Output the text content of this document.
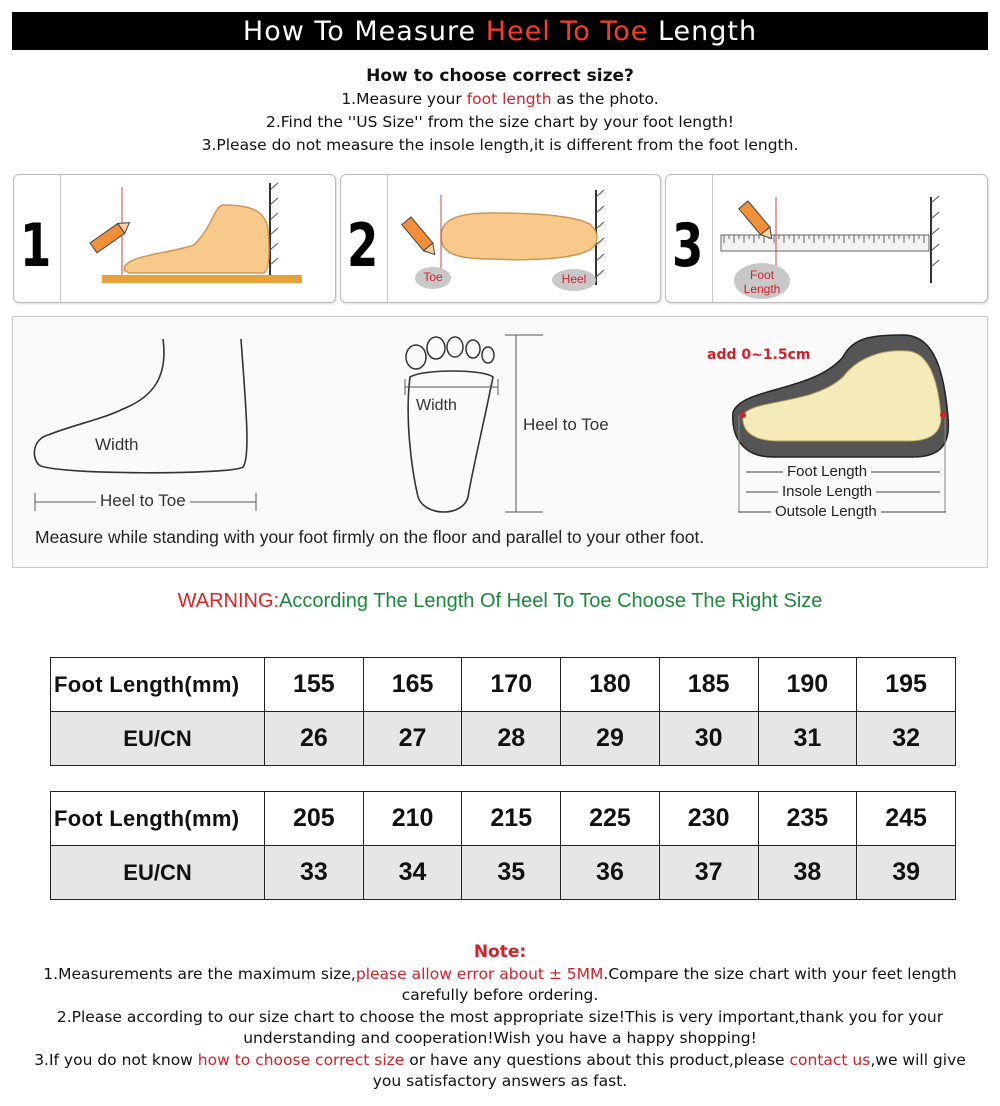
How To Measure Heel To Toe Length
How to choose correct size?
1.Measure your foot length as the photo.
2.Find the ''US Size'' from the size chart by your foot length!
3.Please do not measure the insole length,it is different from the foot length.
1	2	Toe	Heel 3	Foot
Length
Width
Heel to Toe
Width
Heel to Toe
add 0~1.5cm
Foot Length
Insole Length
Outsole Length
Measure while standing with your foot firmly on the floor and parallel to your other foot.
WARNING:According The Length Of Heel To Toe Choose The Right Size
Foot Length(mm)	155	165	170	180	185	190	195
EU/CN	26	27	28	29	30	31	32
Foot Length(mm)	205	210	215	225	230	235	245
EU/CN	33	34	35	36	37	38	39
Note:
1.Measurements are the maximum size,please allow error about ± 5MM.Compare the size chart with your feet length carefully before ordering.
2.Please according to our size chart to choose the most appropriate size!This is very important,thank you for your understanding and cooperation!Wish you have a happy shopping!
3.If you do not know how to choose correct size or have any questions about this product,please contact us,we will give you satisfactory answers as fast.
